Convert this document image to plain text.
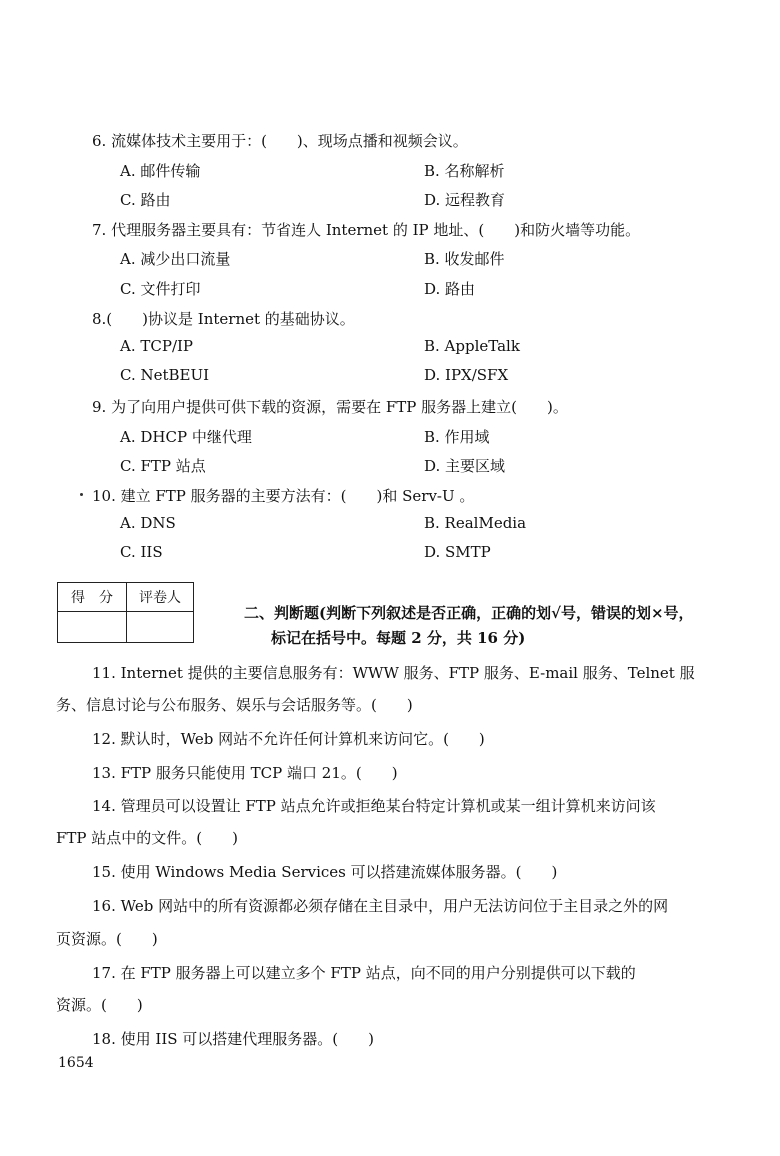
6. 流媒体技术主要用于：(　　)、现场点播和视频会议。
A. 邮件传输	B. 名称解析
C. 路由	D. 远程教育
7. 代理服务器主要具有：节省连人 Internet 的 IP 地址、(　　)和防火墙等功能。
A. 减少出口流量	B. 收发邮件
C. 文件打印	D. 路由
8.(　　)协议是 Internet 的基础协议。
A. TCP/IP	B. AppleTalk
C. NetBEUI	D. IPX/SFX
9. 为了向用户提供可供下载的资源，需要在 FTP 服务器上建立(　　)。
A. DHCP 中继代理	B. 作用域
C. FTP 站点	D. 主要区域
10. 建立 FTP 服务器的主要方法有：(　　)和 Serv-U 。
A. DNS	B. RealMedia
C. IIS	D. SMTP
得　分	评卷人

二、判断题(判断下列叙述是否正确，正确的划√号，错误的划×号，
标记在括号中。每题 2 分，共 16 分)
11. Internet 提供的主要信息服务有：WWW 服务、FTP 服务、E-mail 服务、Telnet 服
务、信息讨论与公布服务、娱乐与会话服务等。(　　)
12. 默认时，Web 网站不允许任何计算机来访问它。(　　)
13. FTP 服务只能使用 TCP 端口 21。(　　)
14. 管理员可以设置让 FTP 站点允许或拒绝某台特定计算机或某一组计算机来访问该
FTP 站点中的文件。(　　)
15. 使用 Windows Media Services 可以搭建流媒体服务器。(　　)
16. Web 网站中的所有资源都必须存储在主目录中，用户无法访问位于主目录之外的网
页资源。(　　)
17. 在 FTP 服务器上可以建立多个 FTP 站点，向不同的用户分别提供可以下载的
资源。(　　)
18. 使用 IIS 可以搭建代理服务器。(　　)
1654
